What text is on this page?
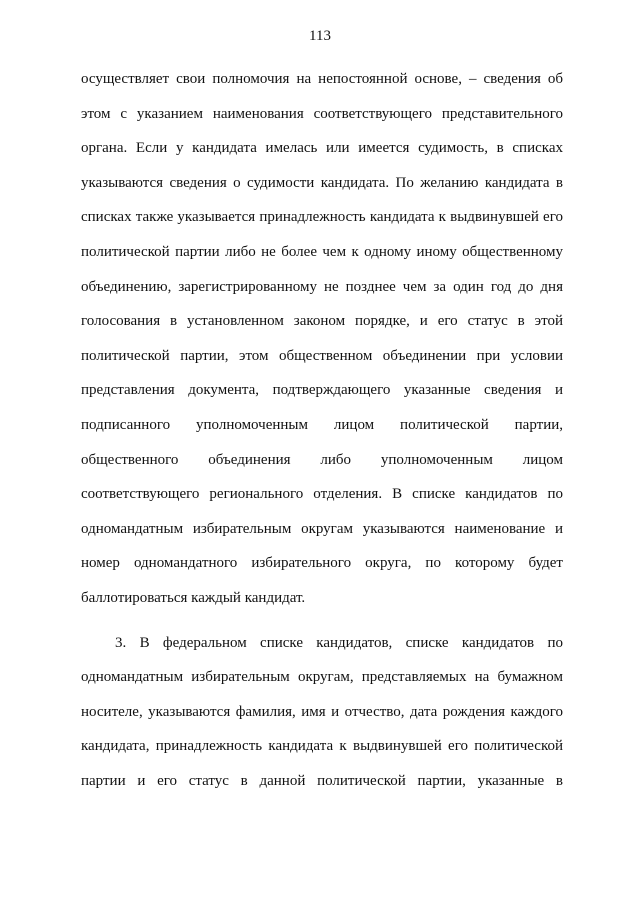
113

осуществляет свои полномочия на непостоянной основе, – сведения об
этом с указанием наименования соответствующего представительного
органа. Если у кандидата имелась или имеется судимость, в списках
указываются сведения о судимости кандидата. По желанию кандидата в
списках также указывается принадлежность кандидата к выдвинувшей его
политической партии либо не более чем к одному иному общественному
объединению, зарегистрированному не позднее чем за один год до дня
голосования в установленном законом порядке, и его статус в этой
политической партии, этом общественном объединении при условии
представления документа, подтверждающего указанные сведения и
подписанного уполномоченным лицом политической партии,
общественного объединения либо уполномоченным лицом
соответствующего регионального отделения. В списке кандидатов по
одномандатным избирательным округам указываются наименование и
номер одномандатного избирательного округа, по которому будет
баллотироваться каждый кандидат.

3. В федеральном списке кандидатов, списке кандидатов по
одномандатным избирательным округам, представляемых на бумажном
носителе, указываются фамилия, имя и отчество, дата рождения каждого
кандидата, принадлежность кандидата к выдвинувшей его политической
партии и его статус в данной политической партии, указанные в
